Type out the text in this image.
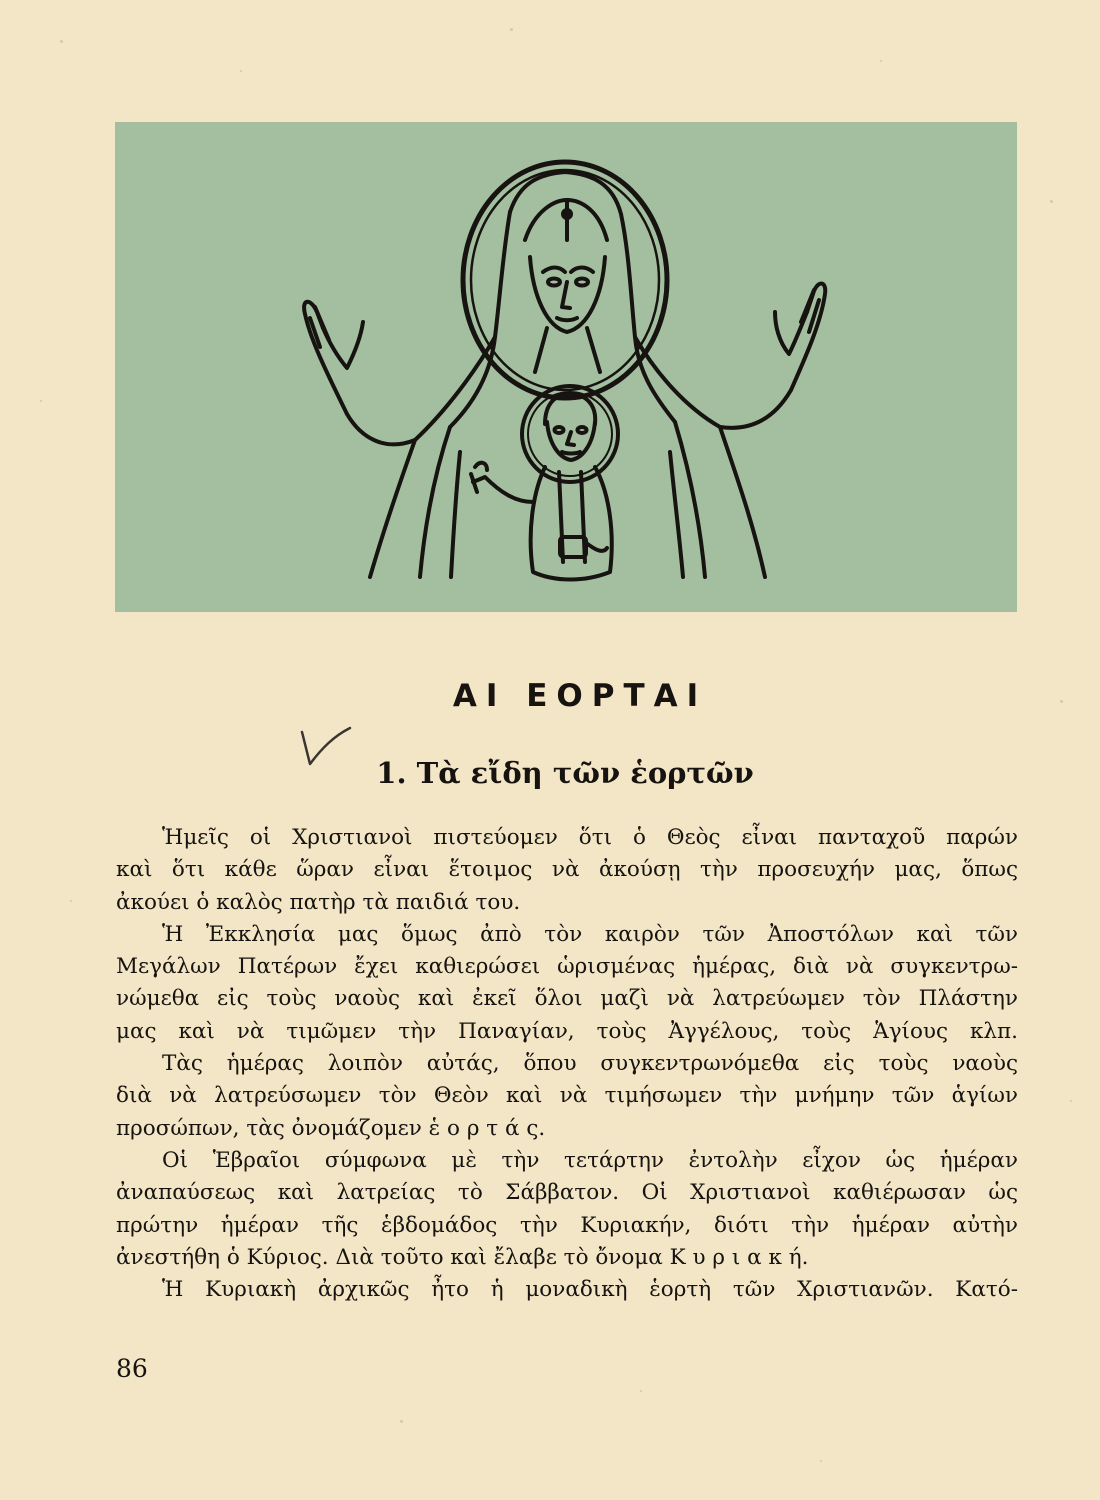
ΑΙ ΕΟΡΤΑΙ
1. Τὰ εἴδη τῶν ἑορτῶν

Ἡμεῖς οἱ Χριστιανοὶ πιστεύομεν ὅτι ὁ Θεὸς εἶναι πανταχοῦ παρών

καὶ ὅτι κάθε ὥραν εἶναι ἕτοιμος νὰ ἀκούσῃ τὴν προσευχήν μας, ὅπως

ἀκούει ὁ καλὸς πατὴρ τὰ παιδιά του.

Ἡ Ἐκκλησία μας ὅμως ἀπὸ τὸν καιρὸν τῶν Ἀποστόλων καὶ τῶν

Μεγάλων Πατέρων ἔχει καθιερώσει ὡρισμένας ἡμέρας, διὰ νὰ συγκεντρω-

νώμεθα εἰς τοὺς ναοὺς καὶ ἐκεῖ ὅλοι μαζὶ νὰ λατρεύωμεν τὸν Πλάστην

μας καὶ νὰ τιμῶμεν τὴν Παναγίαν, τοὺς Ἀγγέλους, τοὺς Ἁγίους κλπ.

Τὰς ἡμέρας λοιπὸν αὐτάς, ὅπου συγκεντρωνόμεθα εἰς τοὺς ναοὺς

διὰ νὰ λατρεύσωμεν τὸν Θεὸν καὶ νὰ τιμήσωμεν τὴν μνήμην τῶν ἁγίων

προσώπων, τὰς ὀνομάζομεν ἑ ο ρ τ ά ς.

Οἱ Ἑβραῖοι σύμφωνα μὲ τὴν τετάρτην ἐντολὴν εἶχον ὡς ἡμέραν

ἀναπαύσεως καὶ λατρείας τὸ Σάββατον. Οἱ Χριστιανοὶ καθιέρωσαν ὡς

πρώτην ἡμέραν τῆς ἑβδομάδος τὴν Κυριακήν, διότι τὴν ἡμέραν αὐτὴν

ἀνεστήθη ὁ Κύριος. Διὰ τοῦτο καὶ ἔλαβε τὸ ὄνομα Κ υ ρ ι α κ ή.

Ἡ Κυριακὴ ἀρχικῶς ἦτο ἡ μοναδικὴ ἑορτὴ τῶν Χριστιανῶν. Κατό-

86
